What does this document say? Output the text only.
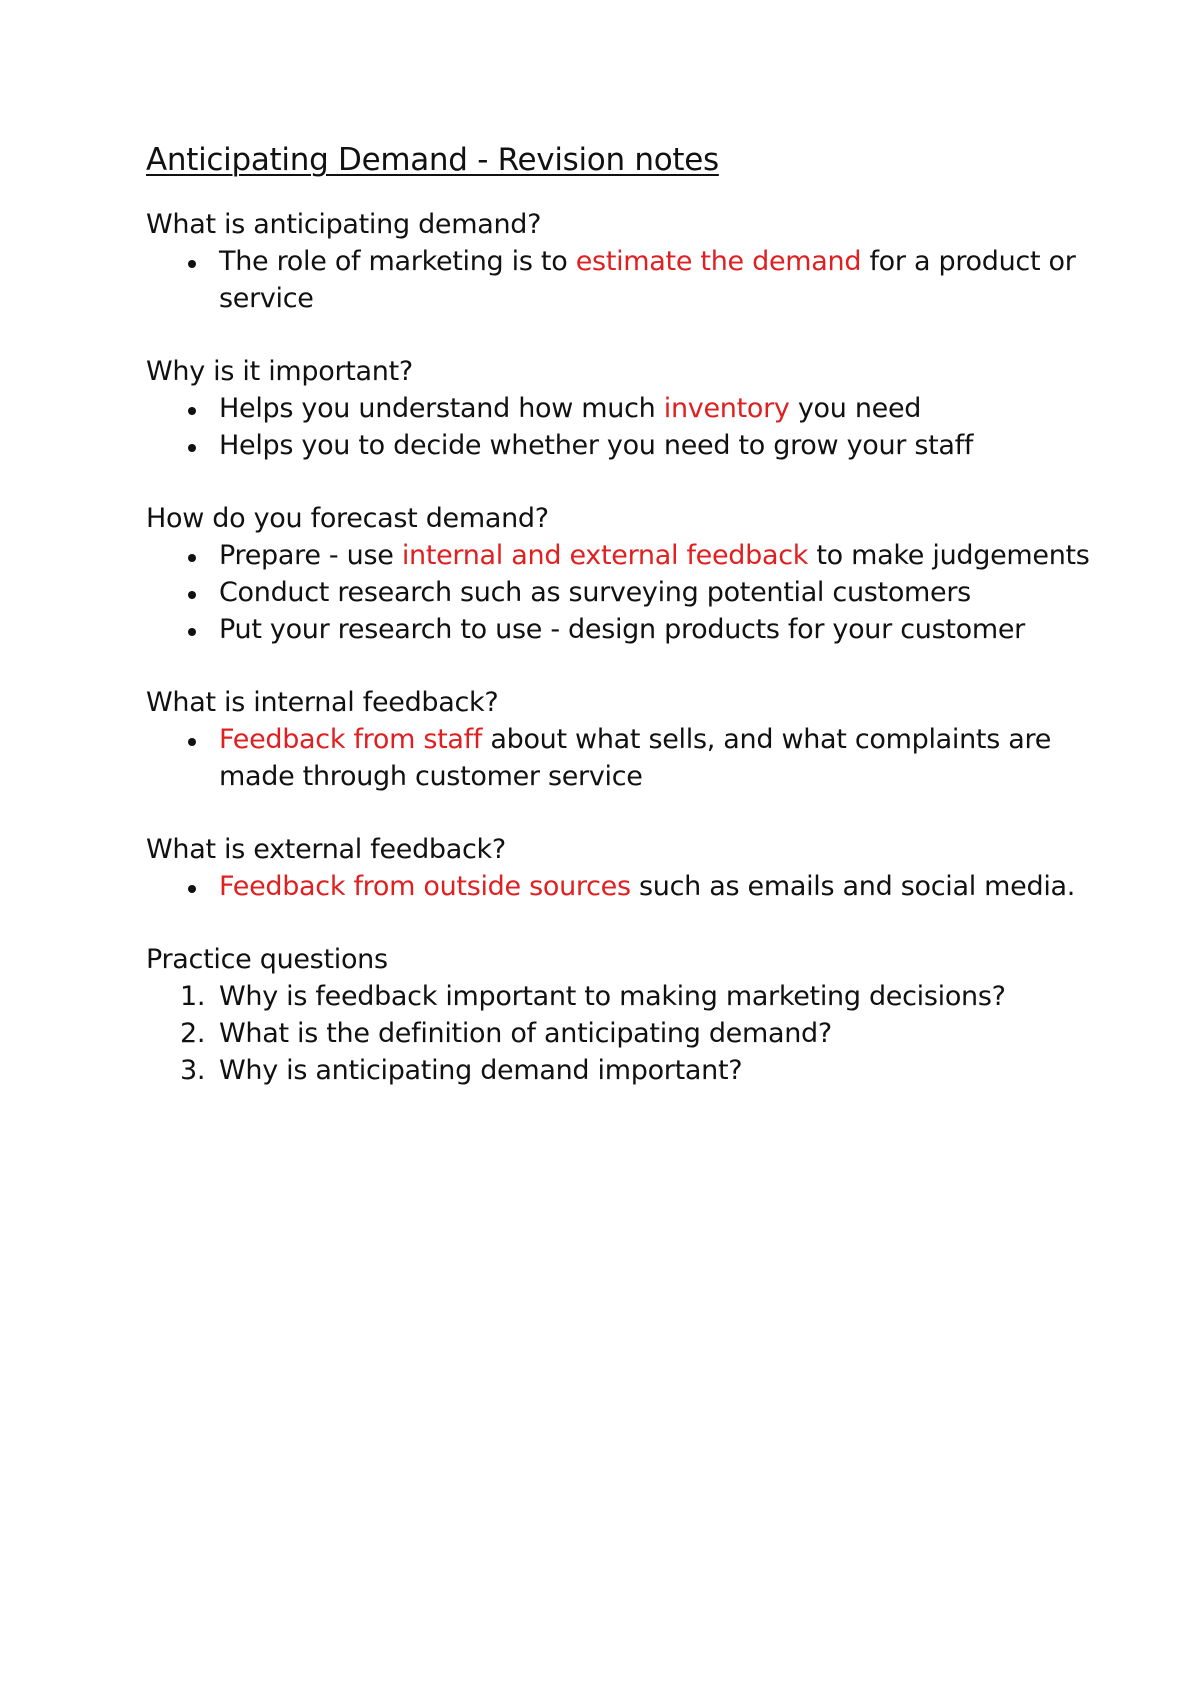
Anticipating Demand - Revision notes
What is anticipating demand?
The role of marketing is to estimate the demand for a product or service
Why is it important?
Helps you understand how much inventory you need
Helps you to decide whether you need to grow your staff
How do you forecast demand?
Prepare - use internal and external feedback to make judgements
Conduct research such as surveying potential customers
Put your research to use - design products for your customer
What is internal feedback?
Feedback from staff about what sells, and what complaints are made through customer service
What is external feedback?
Feedback from outside sources such as emails and social media.
Practice questions
1. Why is feedback important to making marketing decisions?
2. What is the definition of anticipating demand?
3. Why is anticipating demand important?
